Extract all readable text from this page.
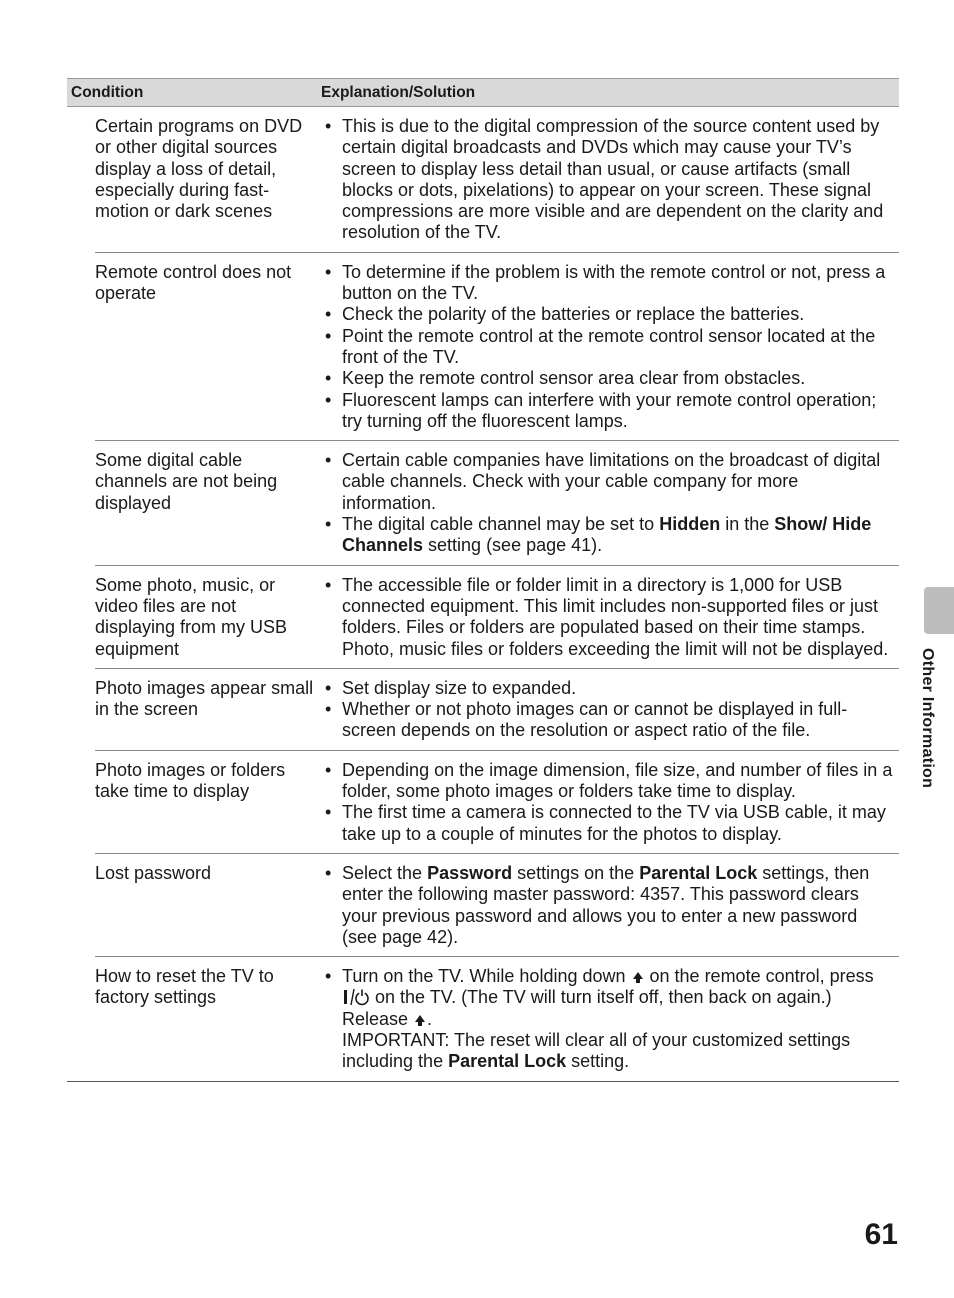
Condition	Explanation/Solution
Certain programs on DVD or other digital sources display a loss of detail, especially during fast-motion or dark scenes
• This is due to the digital compression of the source content used by certain digital broadcasts and DVDs which may cause your TV’s screen to display less detail than usual, or cause artifacts (small blocks or dots, pixelations) to appear on your screen. These signal compressions are more visible and are dependent on the clarity and resolution of the TV.
Remote control does not operate
• To determine if the problem is with the remote control or not, press a button on the TV.
• Check the polarity of the batteries or replace the batteries.
• Point the remote control at the remote control sensor located at the front of the TV.
• Keep the remote control sensor area clear from obstacles.
• Fluorescent lamps can interfere with your remote control operation; try turning off the fluorescent lamps.
Some digital cable channels are not being displayed
• Certain cable companies have limitations on the broadcast of digital cable channels. Check with your cable company for more information.
• The digital cable channel may be set to Hidden in the Show/ Hide Channels setting (see page 41).
Some photo, music, or video files are not displaying from my USB equipment
• The accessible file or folder limit in a directory is 1,000 for USB connected equipment. This limit includes non-supported files or just folders. Files or folders are populated based on their time stamps. Photo, music files or folders exceeding the limit will not be displayed.
Photo images appear small in the screen
• Set display size to expanded.
• Whether or not photo images can or cannot be displayed in full-screen depends on the resolution or aspect ratio of the file.
Photo images or folders take time to display
• Depending on the image dimension, file size, and number of files in a folder, some photo images or folders take time to display.
• The first time a camera is connected to the TV via USB cable, it may take up to a couple of minutes for the photos to display.
Lost password
•	Select the Password settings on the Parental Lock settings, then enter the following master password: 4357. This password clears your previous password and allows you to enter a new password (see page 42).
How to reset the TV to factory settings
• Turn on the TV. While holding down  on the remote control, press  on the TV. (The TV will turn itself off, then back on again.) Release .
IMPORTANT: The reset will clear all of your customized settings including the Parental Lock setting.
Other Information
61
